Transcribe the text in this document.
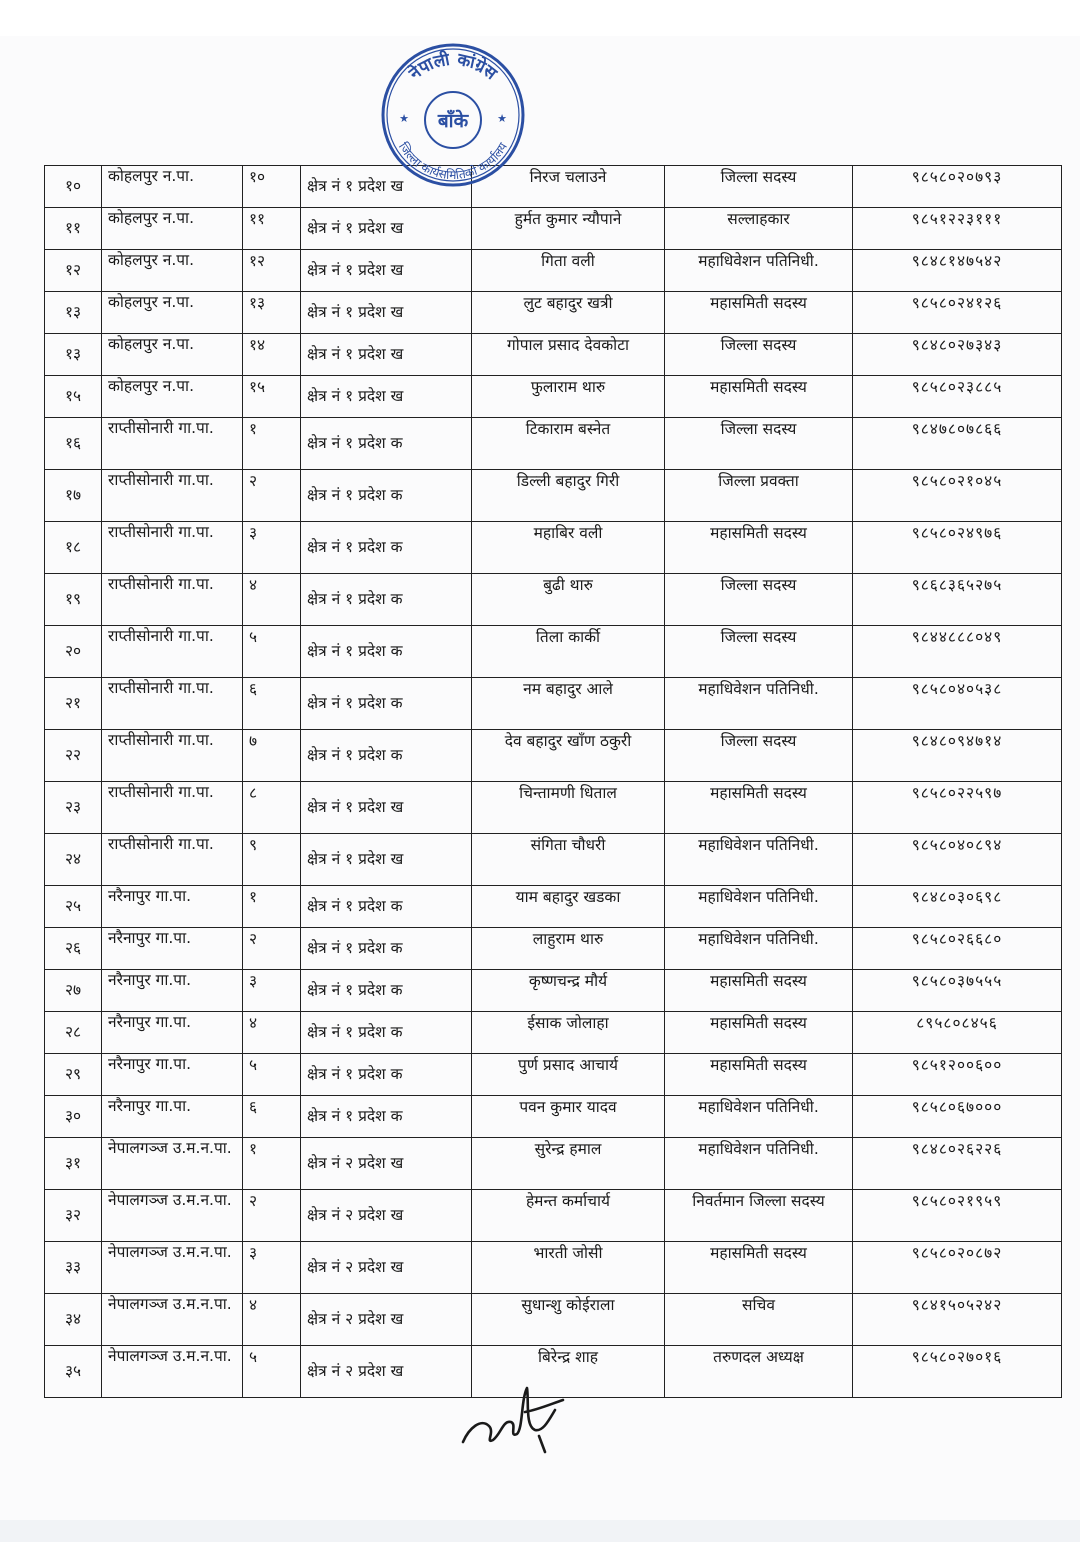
नेपाली कांग्रेस
जिल्ला कार्यसमितिको कार्यालय
बाँके
★	★
१०	कोहलपुर न.पा.	१०	क्षेत्र नं १ प्रदेश ख	निरज चलाउने	जिल्ला सदस्य	९८५८०२०७९३
११	कोहलपुर न.पा.	११	क्षेत्र नं १ प्रदेश ख	हुर्मत कुमार न्यौपाने	सल्लाहकार	९८५१२२३१११
१२	कोहलपुर न.पा.	१२	क्षेत्र नं १ प्रदेश ख	गिता वली	महाधिवेशन पतिनिधी.	९८४८१४७५४२
१३	कोहलपुर न.पा.	१३	क्षेत्र नं १ प्रदेश ख	लुट बहादुर खत्री	महासमिती सदस्य	९८५८०२४१२६
१३	कोहलपुर न.पा.	१४	क्षेत्र नं १ प्रदेश ख	गोपाल प्रसाद देवकोटा	जिल्ला सदस्य	९८४८०२७३४३
१५	कोहलपुर न.पा.	१५	क्षेत्र नं १ प्रदेश ख	फुलाराम थारु	महासमिती सदस्य	९८५८०२३८८५
१६	राप्तीसोनारी गा.पा.	१	क्षेत्र नं १ प्रदेश क	टिकाराम बस्नेत	जिल्ला सदस्य	९८४७८०७८६६
१७	राप्तीसोनारी गा.पा.	२	क्षेत्र नं १ प्रदेश क	डिल्ली बहादुर गिरी	जिल्ला प्रवक्ता	९८५८०२१०४५
१८	राप्तीसोनारी गा.पा.	३	क्षेत्र नं १ प्रदेश क	महाबिर वली	महासमिती सदस्य	९८५८०२४९७६
१९	राप्तीसोनारी गा.पा.	४	क्षेत्र नं १ प्रदेश क	बुढी थारु	जिल्ला सदस्य	९८६८३६५२७५
२०	राप्तीसोनारी गा.पा.	५	क्षेत्र नं १ प्रदेश क	तिला कार्की	जिल्ला सदस्य	९८४४८८८०४९
२१	राप्तीसोनारी गा.पा.	६	क्षेत्र नं १ प्रदेश क	नम बहादुर आले	महाधिवेशन पतिनिधी.	९८५८०४०५३८
२२	राप्तीसोनारी गा.पा.	७	क्षेत्र नं १ प्रदेश क	देव बहादुर खाँण ठकुरी	जिल्ला सदस्य	९८४८०९४७१४
२३	राप्तीसोनारी गा.पा.	८	क्षेत्र नं १ प्रदेश ख	चिन्तामणी धिताल	महासमिती सदस्य	९८५८०२२५९७
२४	राप्तीसोनारी गा.पा.	९	क्षेत्र नं १ प्रदेश ख	संगिता चौधरी	महाधिवेशन पतिनिधी.	९८५८०४०८९४
२५	नरैनापुर गा.पा.	१	क्षेत्र नं १ प्रदेश क	याम बहादुर खडका	महाधिवेशन पतिनिधी.	९८४८०३०६९८
२६	नरैनापुर गा.पा.	२	क्षेत्र नं १ प्रदेश क	लाहुराम थारु	महाधिवेशन पतिनिधी.	९८५८०२६६८०
२७	नरैनापुर गा.पा.	३	क्षेत्र नं १ प्रदेश क	कृष्णचन्द्र मौर्य	महासमिती सदस्य	९८५८०३७५५५
२८	नरैनापुर गा.पा.	४	क्षेत्र नं १ प्रदेश क	ईसाक जोलाहा	महासमिती सदस्य	८९५८०८४५६
२९	नरैनापुर गा.पा.	५	क्षेत्र नं १ प्रदेश क	पुर्ण प्रसाद आचार्य	महासमिती सदस्य	९८५१२००६००
३०	नरैनापुर गा.पा.	६	क्षेत्र नं १ प्रदेश क	पवन कुमार यादव	महाधिवेशन पतिनिधी.	९८५८०६७०००
३१	नेपालगञ्ज उ.म.न.पा.	१	क्षेत्र नं २ प्रदेश ख	सुरेन्द्र हमाल	महाधिवेशन पतिनिधी.	९८४८०२६२२६
३२	नेपालगञ्ज उ.म.न.पा.	२	क्षेत्र नं २ प्रदेश ख	हेमन्त कर्माचार्य	निवर्तमान जिल्ला सदस्य	९८५८०२१९५९
३३	नेपालगञ्ज उ.म.न.पा.	३	क्षेत्र नं २ प्रदेश ख	भारती जोसी	महासमिती सदस्य	९८५८०२०८७२
३४	नेपालगञ्ज उ.म.न.पा.	४	क्षेत्र नं २ प्रदेश ख	सुधान्शु कोईराला	सचिव	९८४१५०५२४२
३५	नेपालगञ्ज उ.म.न.पा.	५	क्षेत्र नं २ प्रदेश ख	बिरेन्द्र शाह	तरुणदल अध्यक्ष	९८५८०२७०१६
